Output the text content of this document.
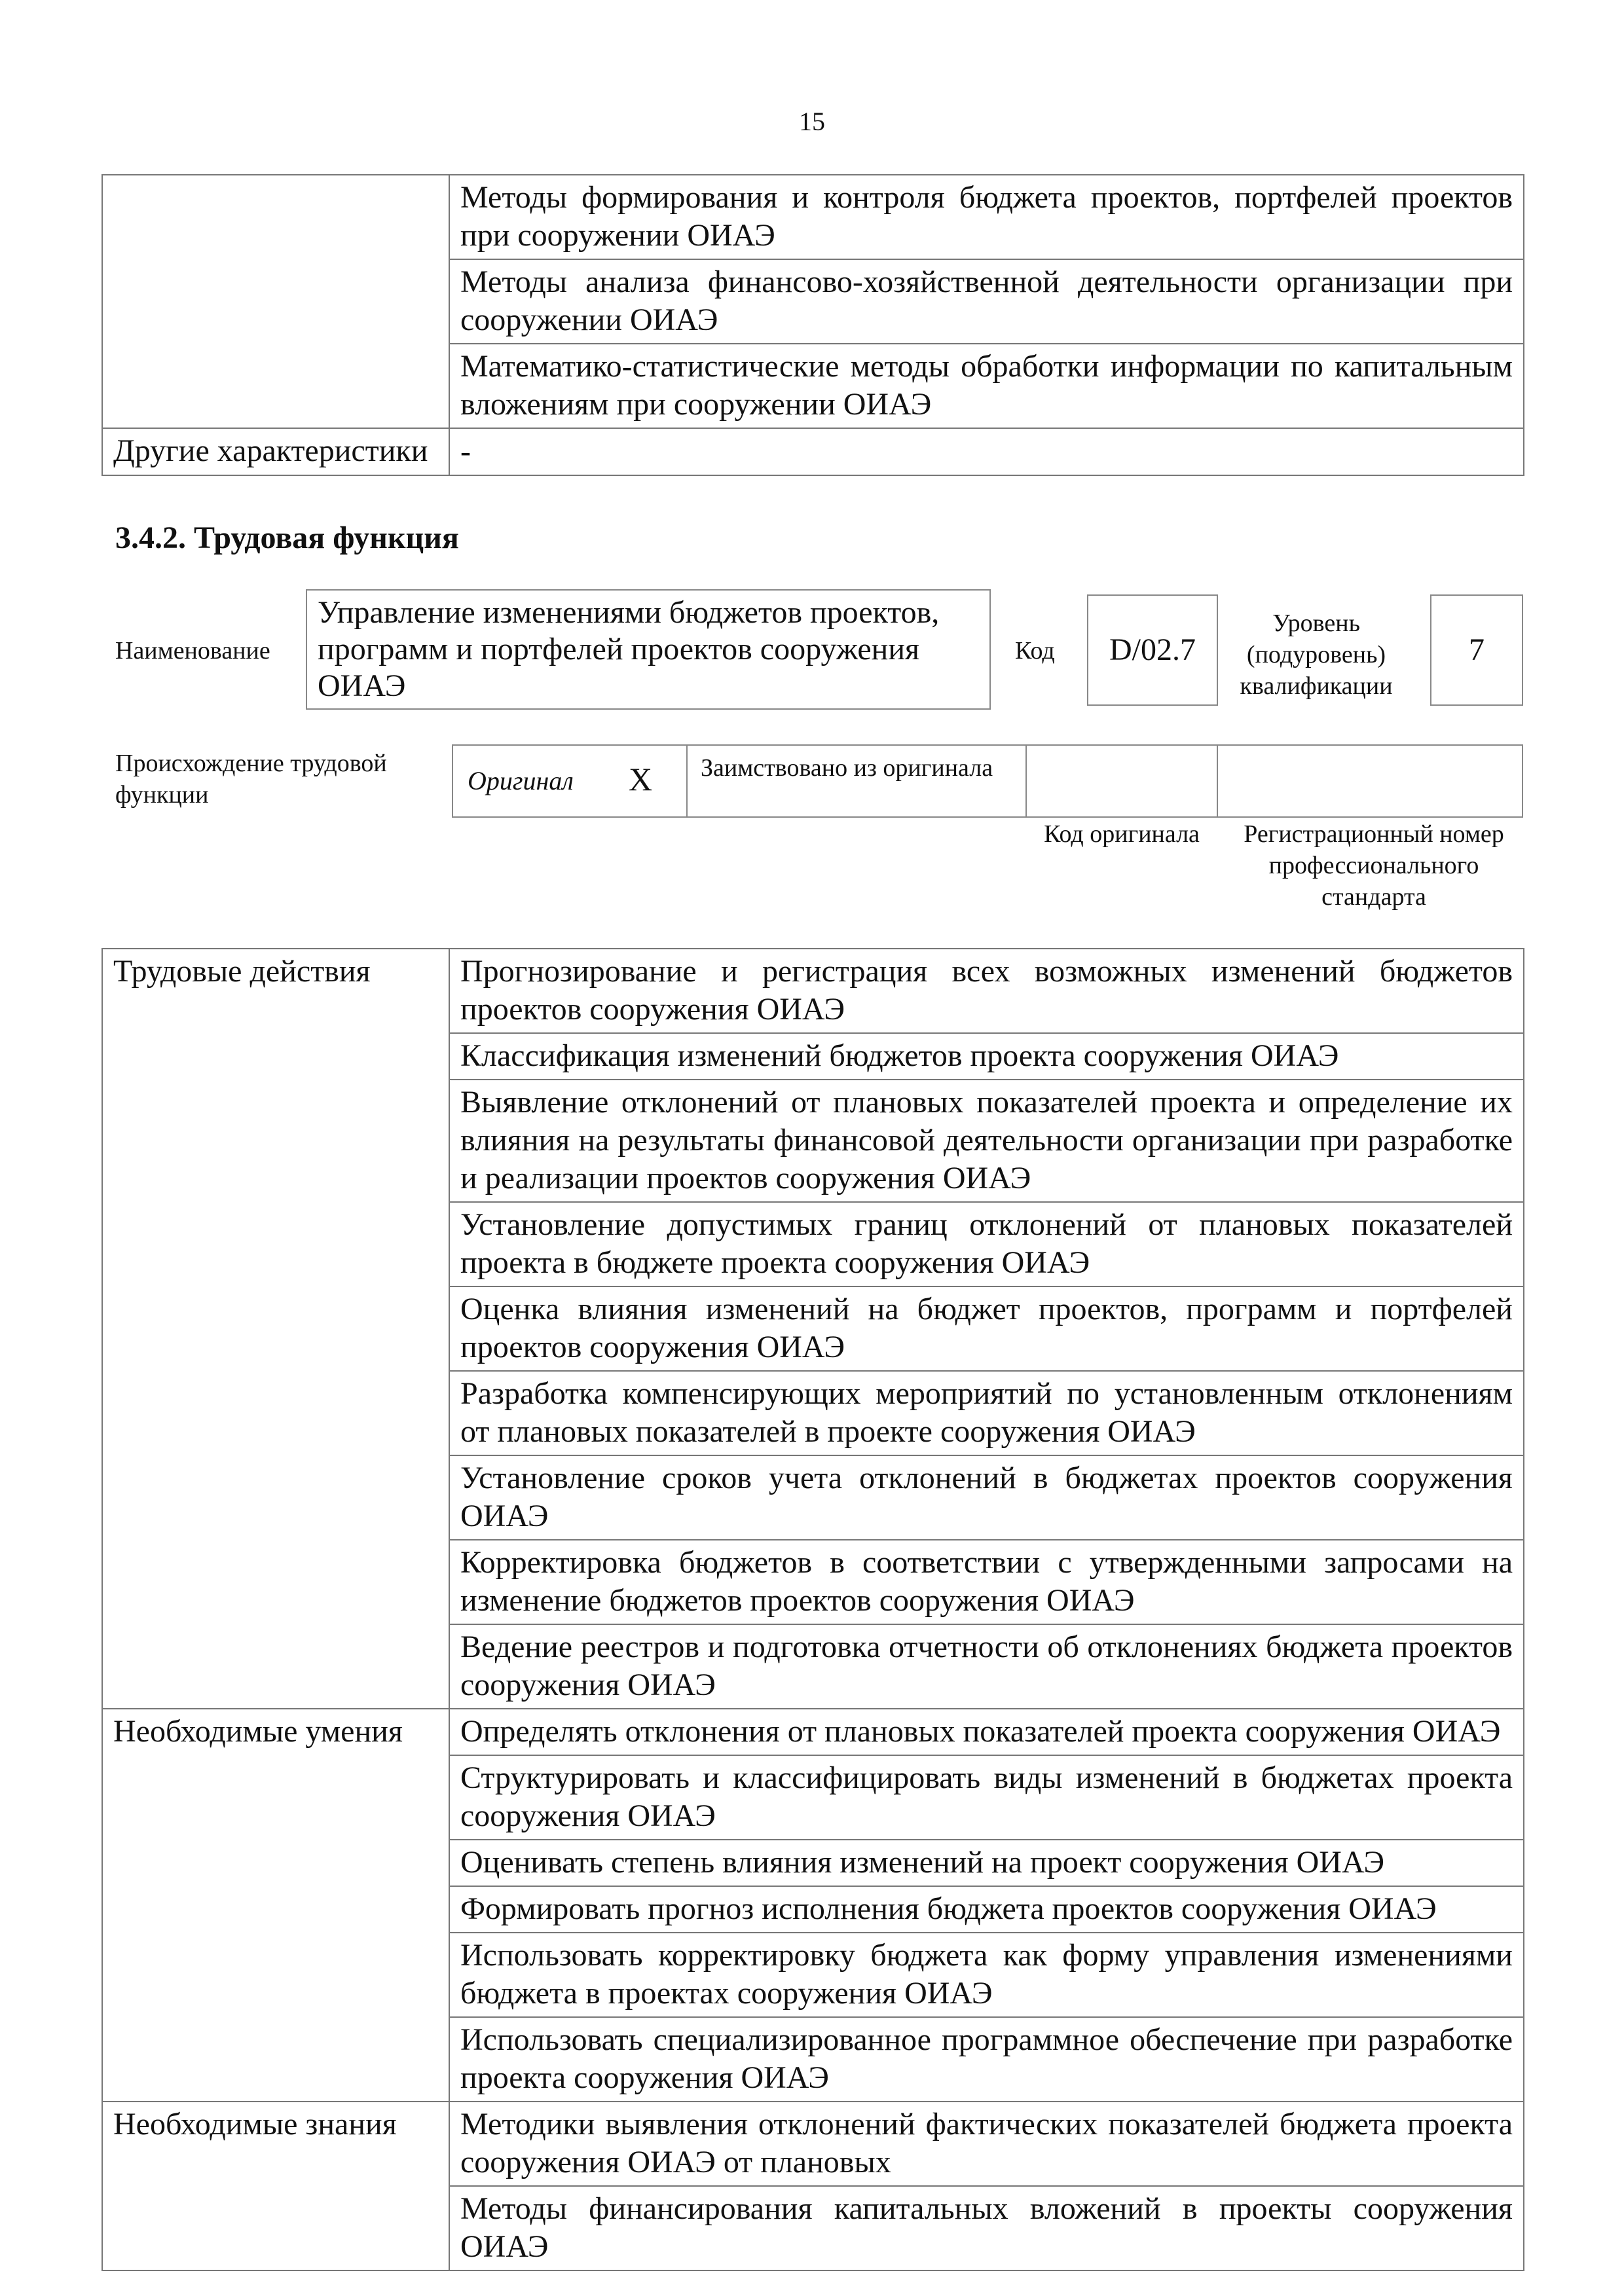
15
	Методы формирования и контроля бюджета проектов, портфелей проектов при сооружении ОИАЭ
	Методы анализа финансово-хозяйственной деятельности организации при сооружении ОИАЭ
	Математико-статистические методы обработки информации по капитальным вложениям при сооружении ОИАЭ
Другие характеристики	-
3.4.2. Трудовая функция
Наименование
Управление изменениями бюджетов проектов, программ и портфелей проектов сооружения ОИАЭ
Код	D/02.7
Уровень (подуровень) квалификации
7
Происхождение трудовой функции	Оригинал X Заимствовано из оригинала
Код оригинала	Регистрационный номер профессионального стандарта
Трудовые действия	Прогнозирование и регистрация всех возможных изменений бюджетов проектов сооружения ОИАЭ
	Классификация изменений бюджетов проекта сооружения ОИАЭ
	Выявление отклонений от плановых показателей проекта и определение их влияния на результаты финансовой деятельности организации при разработке и реализации проектов сооружения ОИАЭ
	Установление допустимых границ отклонений от плановых показателей проекта в бюджете проекта сооружения ОИАЭ
	Оценка влияния изменений на бюджет проектов, программ и портфелей проектов сооружения ОИАЭ
	Разработка компенсирующих мероприятий по установленным отклонениям от плановых показателей в проекте сооружения ОИАЭ
	Установление сроков учета отклонений в бюджетах проектов сооружения ОИАЭ
	Корректировка бюджетов в соответствии с утвержденными запросами на изменение бюджетов проектов сооружения ОИАЭ
	Ведение реестров и подготовка отчетности об отклонениях бюджета проектов сооружения ОИАЭ
Необходимые умения	Определять отклонения от плановых показателей проекта сооружения ОИАЭ
	Структурировать и классифицировать виды изменений в бюджетах проекта сооружения ОИАЭ
	Оценивать степень влияния изменений на проект сооружения ОИАЭ
	Формировать прогноз исполнения бюджета проектов сооружения ОИАЭ
	Использовать корректировку бюджета как форму управления изменениями бюджета в проектах сооружения ОИАЭ
	Использовать специализированное программное обеспечение при разработке проекта сооружения ОИАЭ
Необходимые знания	Методики выявления отклонений фактических показателей бюджета проекта сооружения ОИАЭ от плановых
	Методы финансирования капитальных вложений в проекты сооружения ОИАЭ
